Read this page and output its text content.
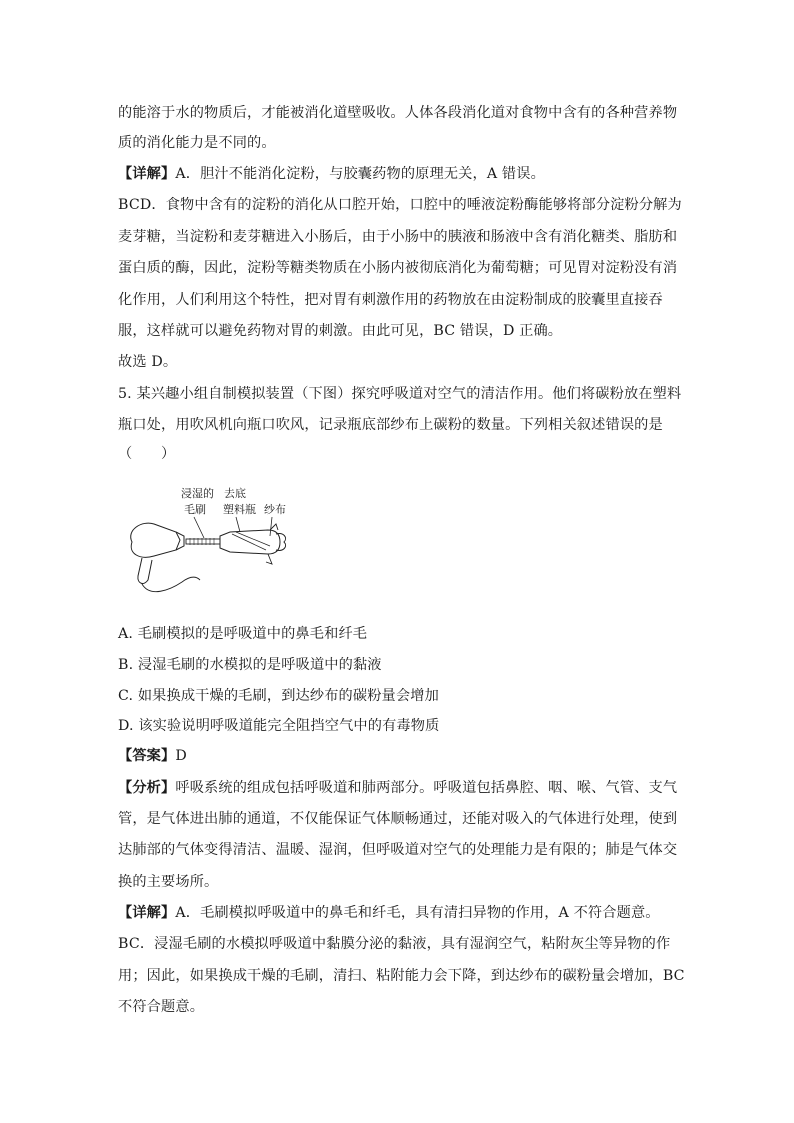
的能溶于水的物质后，才能被消化道壁吸收。人体各段消化道对食物中含有的各种营养物
质的消化能力是不同的。
【详解】A．胆汁不能消化淀粉，与胶囊药物的原理无关，A 错误。
BCD．食物中含有的淀粉的消化从口腔开始，口腔中的唾液淀粉酶能够将部分淀粉分解为
麦芽糖，当淀粉和麦芽糖进入小肠后，由于小肠中的胰液和肠液中含有消化糖类、脂肪和
蛋白质的酶，因此，淀粉等糖类物质在小肠内被彻底消化为葡萄糖；可见胃对淀粉没有消
化作用，人们利用这个特性，把对胃有刺激作用的药物放在由淀粉制成的胶囊里直接吞
服，这样就可以避免药物对胃的刺激。由此可见，BC 错误，D 正确。
故选 D。
5. 某兴趣小组自制模拟装置（下图）探究呼吸道对空气的清洁作用。他们将碳粉放在塑料
瓶口处，用吹风机向瓶口吹风，记录瓶底部纱布上碳粉的数量。下列相关叙述错误的是
（　　）
浸湿的
毛刷
去底
塑料瓶 纱布
A. 毛刷模拟的是呼吸道中的鼻毛和纤毛
B. 浸湿毛刷的水模拟的是呼吸道中的黏液
C. 如果换成干燥的毛刷，到达纱布的碳粉量会增加
D. 该实验说明呼吸道能完全阻挡空气中的有毒物质
【答案】D
【分析】呼吸系统的组成包括呼吸道和肺两部分。呼吸道包括鼻腔、咽、喉、气管、支气
管，是气体进出肺的通道，不仅能保证气体顺畅通过，还能对吸入的气体进行处理，使到
达肺部的气体变得清洁、温暖、湿润，但呼吸道对空气的处理能力是有限的；肺是气体交
换的主要场所。
【详解】A．毛刷模拟呼吸道中的鼻毛和纤毛，具有清扫异物的作用，A 不符合题意。
BC．浸湿毛刷的水模拟呼吸道中黏膜分泌的黏液，具有湿润空气，粘附灰尘等异物的作
用；因此，如果换成干燥的毛刷，清扫、粘附能力会下降，到达纱布的碳粉量会增加，BC
不符合题意。
